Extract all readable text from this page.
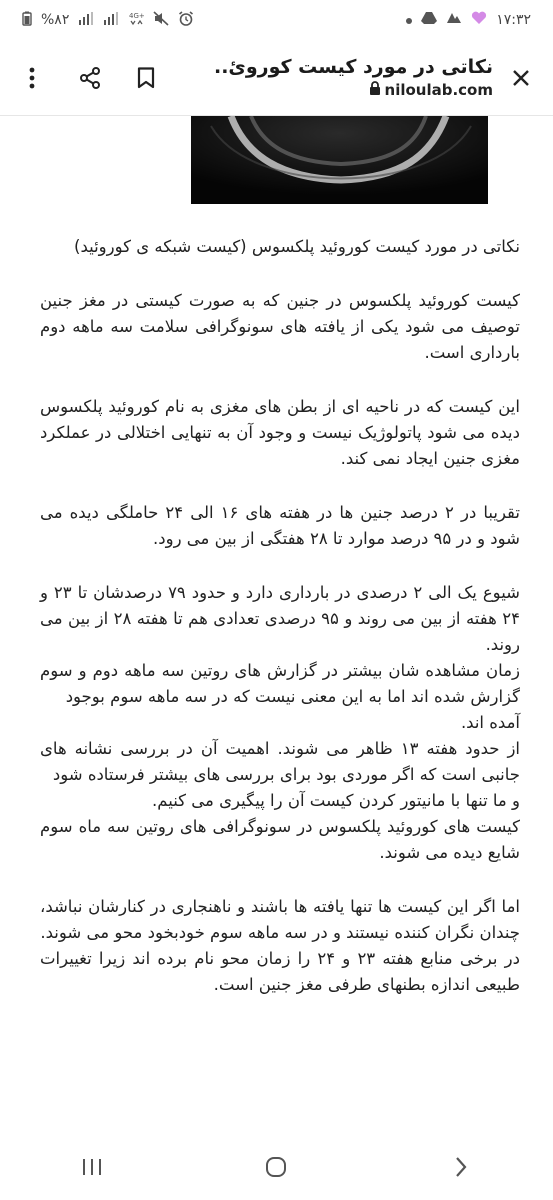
%۸۲	4G+	۱۷:۳۲
نکاتی در مورد کیست کوروئ..
niloulab.com

نکاتی در مورد کیست کوروئید پلکسوس (کیست شبکه ی کوروئید)

کیست کوروئید پلکسوس در جنین که به صورت کیستی در مغز جنین توصیف می شود یکی از یافته های سونوگرافی سلامت سه ماهه دوم بارداری است.

این کیست که در ناحیه ای از بطن های مغزی به نام کوروئید پلکسوس دیده می شود پاتولوژیک نیست و وجود آن به تنهایی اختلالی در عملکرد مغزی جنین ایجاد نمی کند.

تقریبا در ۲ درصد جنین ها در هفته های ۱۶ الی ۲۴ حاملگی دیده می شود و در ۹۵ درصد موارد تا ۲۸ هفتگی از بین می رود.

شیوع یک الی ۲ درصدی در بارداری دارد و حدود ۷۹ درصدشان تا ۲۳ و ۲۴ هفته از بین می روند و ۹۵ درصدی تعدادی هم تا هفته ۲۸ از بین می روند.

زمان مشاهده شان بیشتر در گزارش های روتین سه ماهه دوم و سوم گزارش شده اند اما به این معنی نیست که در سه ماهه سوم بوجود

آمده اند.

از حدود هفته ۱۳ ظاهر می شوند. اهمیت آن در بررسی نشانه های جانبی است که اگر موردی بود برای بررسی های بیشتر فرستاده شود

و ما تنها با مانیتور کردن کیست آن را پیگیری می کنیم.

کیست های کوروئید پلکسوس در سونوگرافی های روتین سه ماه سوم شایع دیده می شوند.

اما اگر این کیست ها تنها یافته ها باشند و ناهنجاری در کنارشان نباشد، چندان نگران کننده نیستند و در سه ماهه سوم خودبخود محو می شوند.

در برخی منابع هفته ۲۳ و ۲۴ را زمان محو نام برده اند زیرا تغییرات طبیعی اندازه بطنهای طرفی مغز جنین است.
